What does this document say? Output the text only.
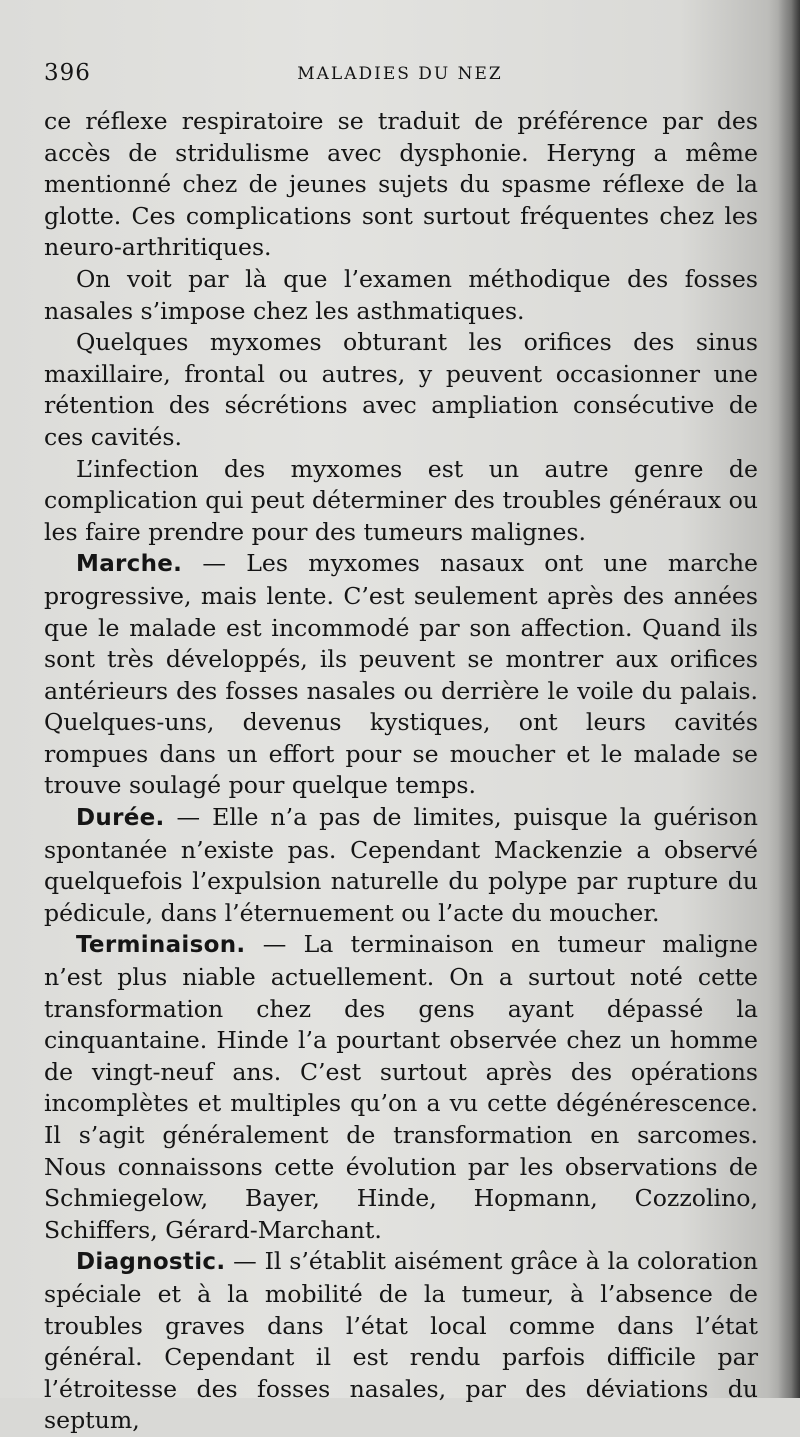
396	MALADIES DU NEZ

ce réflexe respiratoire se traduit de préférence par des accès de stridulisme avec dysphonie. Heryng a même mentionné chez de jeunes sujets du spasme réflexe de la glotte. Ces complications sont surtout fréquentes chez les neuro-arthritiques.

On voit par là que l’examen méthodique des fosses nasales s’impose chez les asthmatiques.

Quelques myxomes obturant les orifices des sinus maxillaire, frontal ou autres, y peuvent occasionner une rétention des sécrétions avec ampliation consécutive de ces cavités.

L’infection des myxomes est un autre genre de complication qui peut déterminer des troubles généraux ou les faire prendre pour des tumeurs malignes.

Marche. — Les myxomes nasaux ont une marche progressive, mais lente. C’est seulement après des années que le malade est incommodé par son affection. Quand ils sont très développés, ils peuvent se montrer aux orifices antérieurs des fosses nasales ou derrière le voile du palais. Quelques-uns, devenus kystiques, ont leurs cavités rompues dans un effort pour se moucher et le malade se trouve soulagé pour quelque temps.

Durée. — Elle n’a pas de limites, puisque la guérison spontanée n’existe pas. Cependant Mackenzie a observé quelquefois l’expulsion naturelle du polype par rupture du pédicule, dans l’éternuement ou l’acte du moucher.

Terminaison. — La terminaison en tumeur maligne n’est plus niable actuellement. On a surtout noté cette transformation chez des gens ayant dépassé la cinquantaine. Hinde l’a pourtant observée chez un homme de vingt-neuf ans. C’est surtout après des opérations incomplètes et multiples qu’on a vu cette dégénérescence. Il s’agit généralement de transformation en sarcomes. Nous connaissons cette évolution par les observations de Schmiegelow, Bayer, Hinde, Hopmann, Cozzolino, Schiffers, Gérard-Marchant.

Diagnostic. — Il s’établit aisément grâce à la coloration spéciale et à la mobilité de la tumeur, à l’absence de troubles graves dans l’état local comme dans l’état général. Cependant il est rendu parfois difficile par l’étroitesse des fosses nasales, par des déviations du septum,
